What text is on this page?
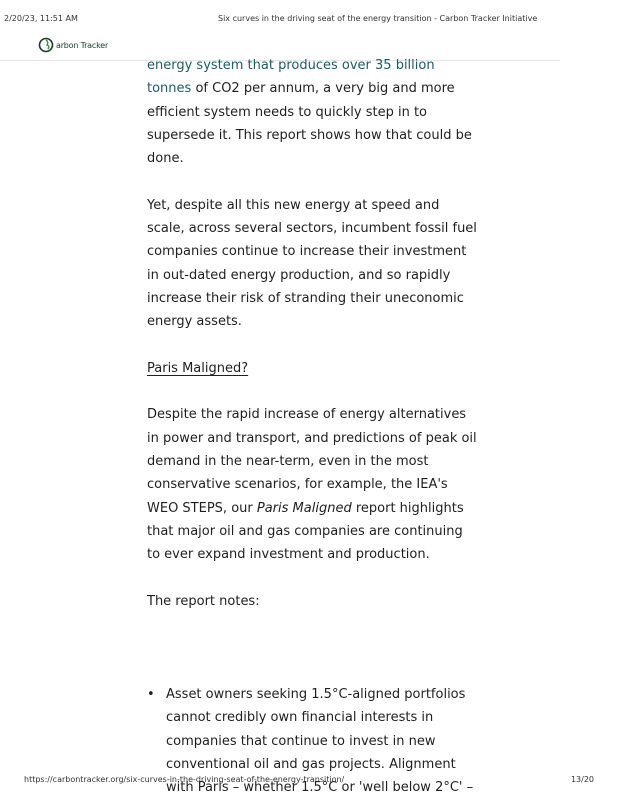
2/20/23, 11:51 AM	Six curves in the driving seat of the energy transition - Carbon Tracker Initiative
arbon Tracker

energy system that produces over 35 billion tonnes of CO2 per annum, a very big and more efficient system needs to quickly step in to supersede it. This report shows how that could be done.

Yet, despite all this new energy at speed and scale, across several sectors, incumbent fossil fuel companies continue to increase their investment in out-dated energy production, and so rapidly increase their risk of stranding their uneconomic energy assets.

Paris Maligned?

Despite the rapid increase of energy alternatives in power and transport, and predictions of peak oil demand in the near-term, even in the most conservative scenarios, for example, the IEA's WEO STEPS, our Paris Maligned report highlights that major oil and gas companies are continuing to ever expand investment and production.

The report notes:

• Asset owners seeking 1.5°C-aligned portfolios cannot credibly own financial interests in companies that continue to invest in new conventional oil and gas projects. Alignment with Paris – whether 1.5°C or 'well below 2°C' –
https://carbontracker.org/six-curves-in-the-driving-seat-of-the-energy-transition/	13/20
